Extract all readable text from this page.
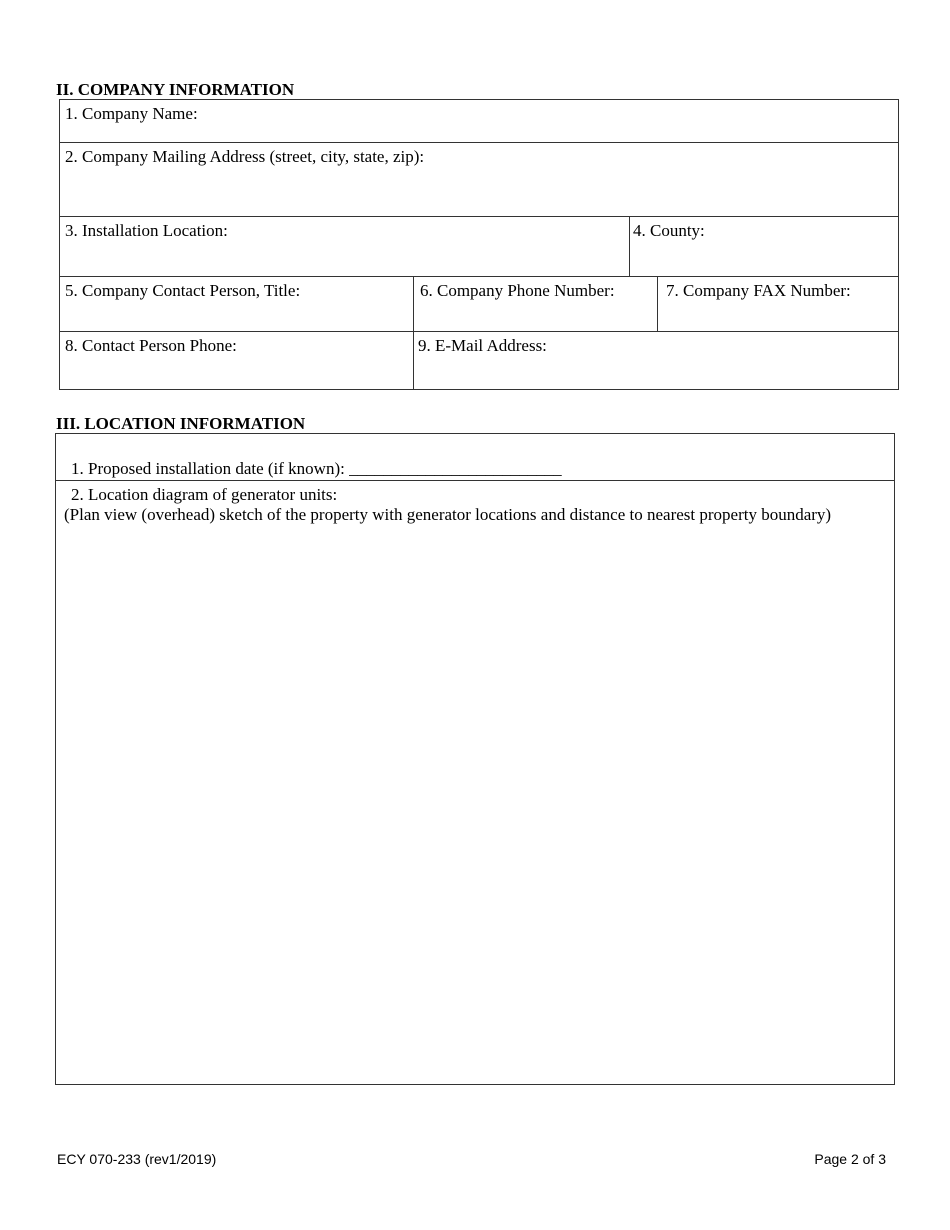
II. COMPANY INFORMATION
1. Company Name:
2. Company Mailing Address (street, city, state, zip):
3. Installation Location:	4. County:
5. Company Contact Person, Title:	6. Company Phone Number:	7. Company FAX Number:
8. Contact Person Phone:	9. E-Mail Address:
III. LOCATION INFORMATION
1. Proposed installation date (if known): _________________________
2. Location diagram of generator units:
(Plan view (overhead) sketch of the property with generator locations and distance to nearest property boundary)
ECY 070-233 (rev1/2019)	Page 2 of 3
